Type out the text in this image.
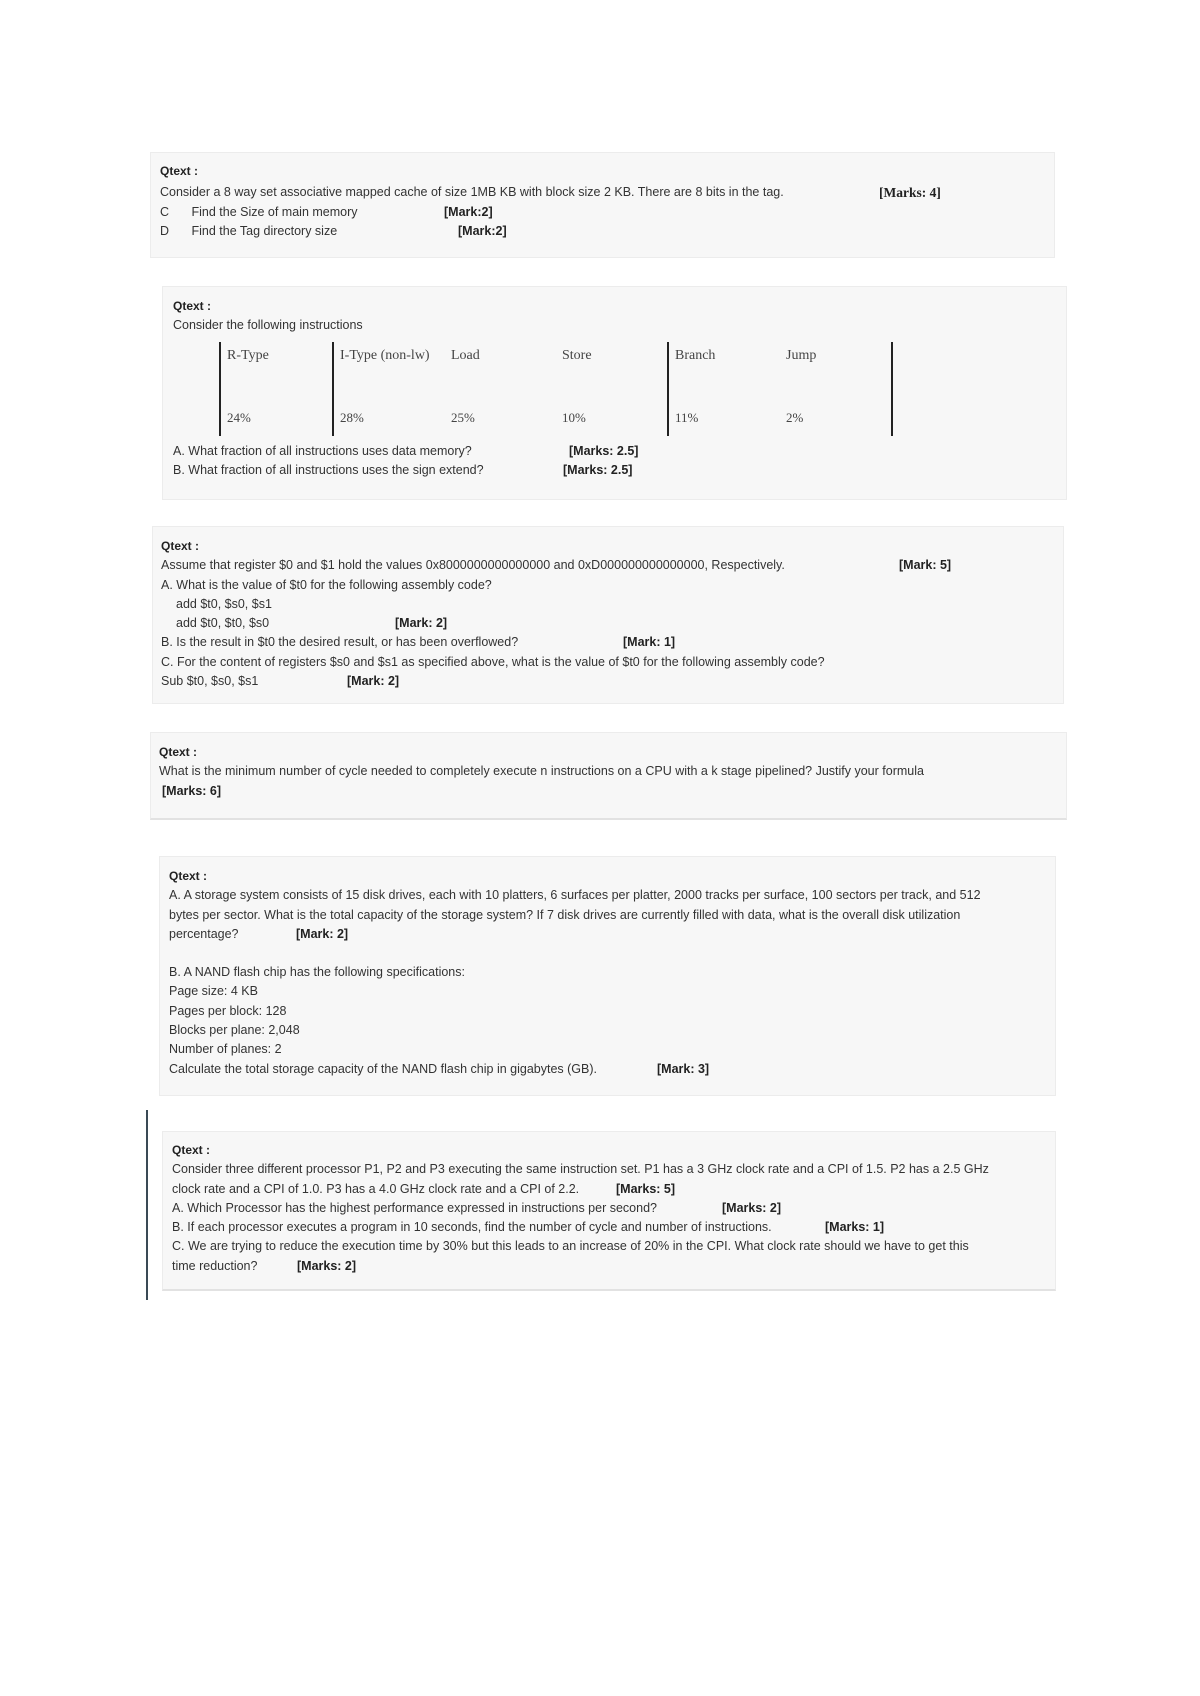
Qtext :
Consider a 8 way set associative mapped cache of size 1MB KB with block size 2 KB. There are 8 bits in the tag.	[Marks: 4]
C Find the Size of main memory	[Mark:2]
D Find the Tag directory size	[Mark:2]
Qtext :
Consider the following instructions
R-Type	I-Type (non-lw)	Load	Store	Branch	Jump
24%	28%	25%	10%	11%	2%
A. What fraction of all instructions uses data memory?	[Marks: 2.5]
B. What fraction of all instructions uses the sign extend?	[Marks: 2.5]
Qtext :
Assume that register $0 and $1 hold the values 0x8000000000000000 and 0xD000000000000000, Respectively.	[Mark: 5]
A. What is the value of $t0 for the following assembly code?
add $t0, $s0, $s1
add $t0, $t0, $s0	[Mark: 2]
B. Is the result in $t0 the desired result, or has been overflowed?	[Mark: 1]
C. For the content of registers $s0 and $s1 as specified above, what is the value of $t0 for the following assembly code?
Sub $t0, $s0, $s1	[Mark: 2]
Qtext :
What is the minimum number of cycle needed to completely execute n instructions on a CPU with a k stage pipelined? Justify your formula
[Marks: 6]
Qtext :
A. A storage system consists of 15 disk drives, each with 10 platters, 6 surfaces per platter, 2000 tracks per surface, 100 sectors per track, and 512
bytes per sector. What is the total capacity of the storage system? If 7 disk drives are currently filled with data, what is the overall disk utilization
percentage?	[Mark: 2]
B. A NAND flash chip has the following specifications:
Page size: 4 KB
Pages per block: 128
Blocks per plane: 2,048
Number of planes: 2
Calculate the total storage capacity of the NAND flash chip in gigabytes (GB).	[Mark: 3]
Qtext :
Consider three different processor P1, P2 and P3 executing the same instruction set. P1 has a 3 GHz clock rate and a CPI of 1.5. P2 has a 2.5 GHz
clock rate and a CPI of 1.0. P3 has a 4.0 GHz clock rate and a CPI of 2.2.	[Marks: 5]
A. Which Processor has the highest performance expressed in instructions per second?	[Marks: 2]
B. If each processor executes a program in 10 seconds, find the number of cycle and number of instructions.	[Marks: 1]
C. We are trying to reduce the execution time by 30% but this leads to an increase of 20% in the CPI. What clock rate should we have to get this
time reduction?	[Marks: 2]
